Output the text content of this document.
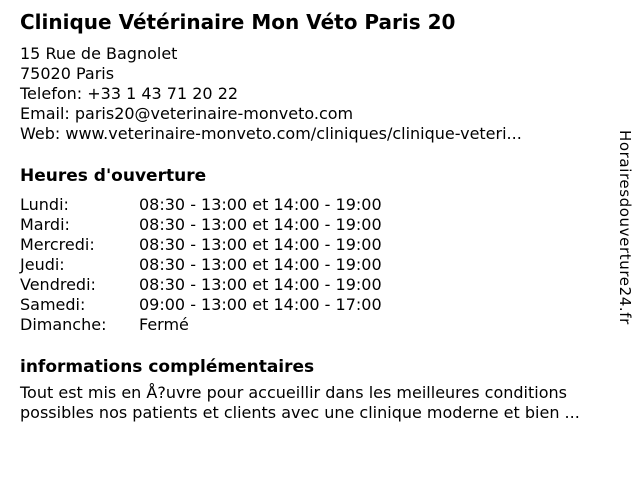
Clinique Vétérinaire Mon Véto Paris 20
15 Rue de Bagnolet
75020 Paris
Telefon: +33 1 43 71 20 22
Email: paris20@veterinaire-monveto.com
Web: www.veterinaire-monveto.com/cliniques/clinique-veteri...
Heures d'ouverture
Lundi:	08:30 - 13:00 et 14:00 - 19:00
Mardi:	08:30 - 13:00 et 14:00 - 19:00
Mercredi:	08:30 - 13:00 et 14:00 - 19:00
Jeudi:	08:30 - 13:00 et 14:00 - 19:00
Vendredi:	08:30 - 13:00 et 14:00 - 19:00
Samedi:	09:00 - 13:00 et 14:00 - 17:00
Dimanche: Fermé
informations complémentaires
Tout est mis en Å?uvre pour accueillir dans les meilleures conditions
possibles nos patients et clients avec une clinique moderne et bien ...
Horairesdouverture24.fr
